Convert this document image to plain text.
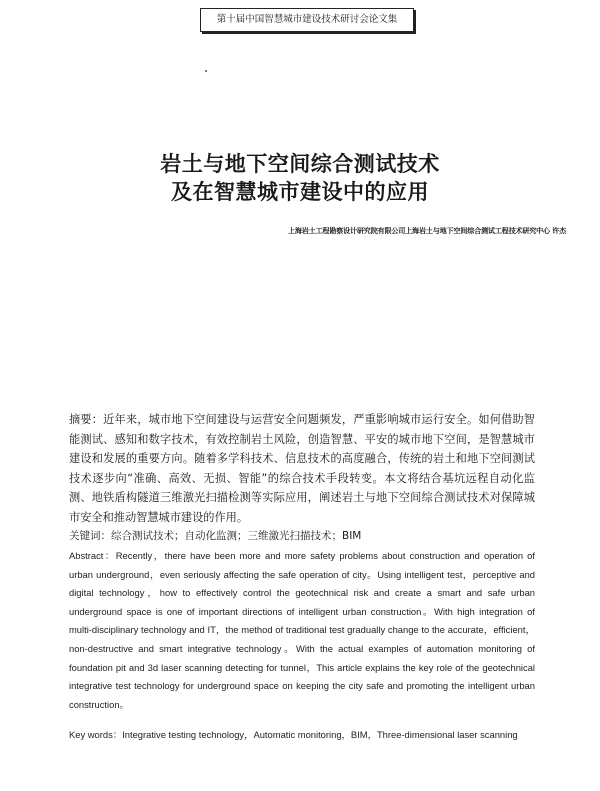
第十届中国智慧城市建设技术研讨会论文集
岩土与地下空间综合测试技术
及在智慧城市建设中的应用
上海岩土工程勘察设计研究院有限公司上海岩土与地下空间综合测试工程技术研究中心 许杰

摘要：近年来，城市地下空间建设与运营安全问题频发，严重影响城市运行安全。如何借助智能测试、感知和数字技术，有效控制岩土风险，创造智慧、平安的城市地下空间，是智慧城市建设和发展的重要方向。随着多学科技术、信息技术的高度融合，传统的岩土和地下空间测试技术逐步向“准确、高效、无损、智能”的综合技术手段转变。本文将结合基坑远程自动化监测、地铁盾构隧道三维激光扫描检测等实际应用，阐述岩土与地下空间综合测试技术对保障城市安全和推动智慧城市建设的作用。

关键词：综合测试技术；自动化监测；三维激光扫描技术；BIM

Abstract：Recently，there have been more and more safety problems about construction and operation of urban underground，even seriously affecting the safe operation of city。Using intelligent test，perceptive and digital technology，how to effectively control the geotechnical risk and create a smart and safe urban underground space is one of important directions of intelligent urban construction。With high integration of multi-disciplinary technology and IT，the method of traditional test gradually change to the accurate，efficient，non-destructive and smart integrative technology。With the actual examples of automation monitoring of foundation pit and 3d laser scanning detecting for tunnel，This article explains the key role of the geotechnical integrative test technology for underground space on keeping the city safe and promoting the intelligent urban construction。

Key words：Integrative testing technology，Automatic monitoring，BIM，Three-dimensional laser scanning
